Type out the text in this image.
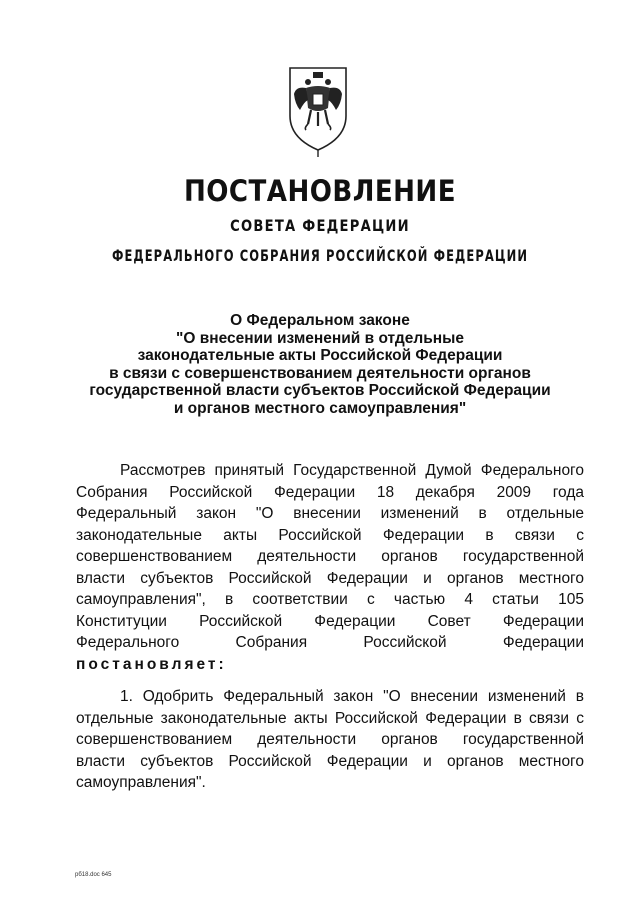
ПОСТАНОВЛЕНИЕ
СОВЕТА ФЕДЕРАЦИИ
ФЕДЕРАЛЬНОГО СОБРАНИЯ РОССИЙСКОЙ ФЕДЕРАЦИИ
О Федеральном законе
"О внесении изменений в отдельные
законодательные акты Российской Федерации
в связи с совершенствованием деятельности органов
государственной власти субъектов Российской Федерации
и органов местного самоуправления"
Рассмотрев принятый Государственной Думой Федерального
Собрания Российской Федерации 18 декабря 2009 года
Федеральный закон "О внесении изменений в отдельные
законодательные акты Российской Федерации в связи с
совершенствованием деятельности органов государственной
власти субъектов Российской Федерации и органов местного
самоуправления", в соответствии с частью 4 статьи 105
Конституции Российской Федерации Совет Федерации
Федерального Собрания Российской Федерации
постановляет:
1. Одобрить Федеральный закон "О внесении изменений в
отдельные законодательные акты Российской Федерации в связи с
совершенствованием деятельности органов государственной
власти субъектов Российской Федерации и органов местного
самоуправления".
рб18.doc 645
